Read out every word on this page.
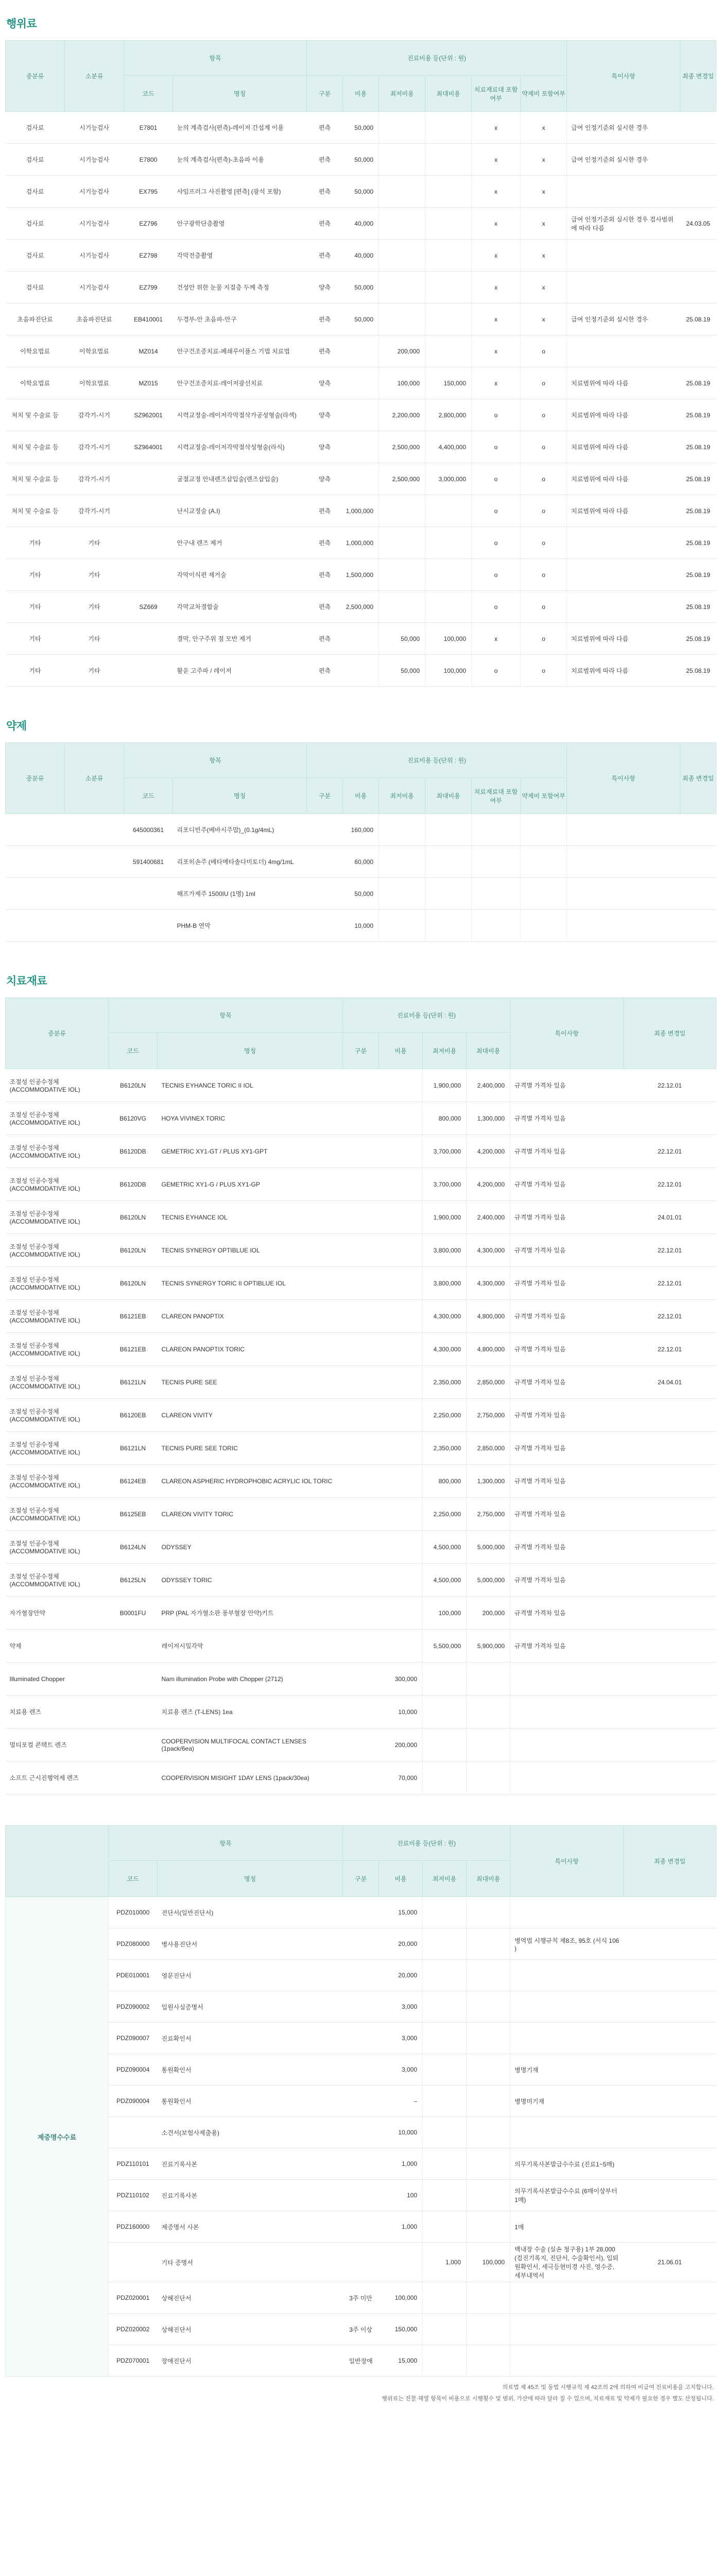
행위료
중분류	소분류	항목		진료비용 등(단위 : 원)						특이사항	최종 변경일
		코드	명칭	구분	비용	최저비용	최대비용	치료재료대 포함여부	약제비 포함여부		
검사료	시기능검사	E7801	눈의 계측검사(편측)-레이저 간섭계 이용	편측	50,000			x	x	급여 인정기준외 실시한 경우	
검사료	시기능검사	E7800	눈의 계측검사(편측)-초음파 이용	편측	50,000			x	x	급여 인정기준외 실시한 경우	
검사료	시기능검사	EX795	샤임프러그 사진촬영 [편측] (광석 포함)	편측	50,000			x	x		
검사료	시기능검사	EZ796	안구광학단층촬영	편측	40,000			x	x	급여 인정기준외 실시한 경우 검사범위에 따라 다름	24.03.05
검사료	시기능검사	EZ798	각막전층촬영	편측	40,000			x	x		
검사료	시기능검사	EZ799	건성안 위한 눈물 지질층 두께 측정	양측	50,000			x	x		
초음파진단료	초음파진단료	EB410001	두경부-안 초음파-안구	편측	50,000			x	x	급여 인정기준외 실시한 경우	25.08.19
이학요법료	이학요법료	MZ014	안구건조증치료-폐쇄루이플스 기법 치료법	편측		200,000		x	o		
이학요법료	이학요법료	MZ015	안구건조증치료-레이저광선치료	양측		100,000	150,000	x	o	치료범위에 따라 다름	25.08.19
처치 및 수술료 등	감각기-시기	SZ962001	시력교정술-레이저각막절삭가공성형술(라섹)	양측		2,200,000	2,800,000	o	o	치료범위에 따라 다름	25.08.19
처치 및 수술료 등	감각기-시기	SZ964001	시력교정술-레이저각막절삭성형술(라식)	양측		2,500,000	4,400,000	o	o	치료범위에 따라 다름	25.08.19
처치 및 수술료 등	감각기-시기		굴절교정 안내렌즈삽입술(렌즈삽입술)	양측		2,500,000	3,000,000	o	o	치료범위에 따라 다름	25.08.19
처치 및 수술료 등	감각기-시기		난시교정술 (A.I)	편측	1,000,000			o	o	치료범위에 따라 다름	25.08.19
기타	기타		안구내 렌즈 제거	편측	1,000,000			o	o		25.08.19
기타	기타		각막이식편 제거술	편측	1,500,000			o	o		25.08.19
기타	기타	SZ669	각막교차결합술	편측	2,500,000			o	o		25.08.19
기타	기타		결막, 안구주위 점 모반 제거	편측		50,000	100,000	x	o	치료범위에 따라 다름	25.08.19
기타	기타		활운 고주파 / 레이저	편측		50,000	100,000	o	o	치료범위에 따라 다름	25.08.19
약제
중분류	소분류	항목		진료비용 등(단위 : 원)						특이사항	최종 변경일
		코드	명칭	구분	비용	최저비용	최대비용	치료재료대 포함여부	약제비 포함여부		
		645000361	리포디빈주(베바시주맙)_(0.1g/4mL)		160,000						
		591400681	리포히손주 (베타메타솔다미토더) 4mg/1mL		60,000						
			해프가제주 1500IU (1명) 1ml		50,000						
			PHM-B 연막		10,000						
치료재료
중분류	항목		진료비용 등(단위 : 원)				특이사항	최종 변경일
	코드	명칭	구분	비용	최저비용	최대비용		
조절성 인공수정체 (ACCOMMODATIVE IOL)	B6120LN	TECNIS EYHANCE TORIC II IOL			1,900,000	2,400,000	규격별 가격차 있음	22.12.01
조절성 인공수정체 (ACCOMMODATIVE IOL)	B6120VG	HOYA VIVINEX TORIC			800,000	1,300,000	규격별 가격차 있음	
조절성 인공수정체 (ACCOMMODATIVE IOL)	B6120DB	GEMETRIC XY1-GT / PLUS XY1-GPT			3,700,000	4,200,000	규격별 가격차 있음	22.12.01
조절성 인공수정체 (ACCOMMODATIVE IOL)	B6120DB	GEMETRIC XY1-G / PLUS XY1-GP			3,700,000	4,200,000	규격별 가격차 있음	22.12.01
조절성 인공수정체 (ACCOMMODATIVE IOL)	B6120LN	TECNIS EYHANCE IOL			1,900,000	2,400,000	규격별 가격차 있음	24.01.01
조절성 인공수정체 (ACCOMMODATIVE IOL)	B6120LN	TECNIS SYNERGY OPTIBLUE IOL			3,800,000	4,300,000	규격별 가격차 있음	22.12.01
조절성 인공수정체 (ACCOMMODATIVE IOL)	B6120LN	TECNIS SYNERGY TORIC II OPTIBLUE IOL			3,800,000	4,300,000	규격별 가격차 있음	22.12.01
조절성 인공수정체 (ACCOMMODATIVE IOL)	B6121EB	CLAREON PANOPTIX			4,300,000	4,800,000	규격별 가격차 있음	22.12.01
조절성 인공수정체 (ACCOMMODATIVE IOL)	B6121EB	CLAREON PANOPTIX TORIC			4,300,000	4,800,000	규격별 가격차 있음	22.12.01
조절성 인공수정체 (ACCOMMODATIVE IOL)	B6121LN	TECNIS PURE SEE			2,350,000	2,850,000	규격별 가격차 있음	24.04.01
조절성 인공수정체 (ACCOMMODATIVE IOL)	B6120EB	CLAREON VIVITY			2,250,000	2,750,000	규격별 가격차 있음	
조절성 인공수정체 (ACCOMMODATIVE IOL)	B6121LN	TECNIS PURE SEE TORIC			2,350,000	2,850,000	규격별 가격차 있음	
조절성 인공수정체 (ACCOMMODATIVE IOL)	B6124EB	CLAREON ASPHERIC HYDROPHOBIC ACRYLIC IOL TORIC			800,000	1,300,000	규격별 가격차 있음	
조절성 인공수정체 (ACCOMMODATIVE IOL)	B6125EB	CLAREON VIVITY TORIC			2,250,000	2,750,000	규격별 가격차 있음	
조절성 인공수정체 (ACCOMMODATIVE IOL)	B6124LN	ODYSSEY			4,500,000	5,000,000	규격별 가격차 있음	
조절성 인공수정체 (ACCOMMODATIVE IOL)	B6125LN	ODYSSEY TORIC			4,500,000	5,000,000	규격별 가격차 있음	
자가혈장안약	B0001FU	PRP (PAL 자가혈소판 풍부혈장 안약)키트			100,000	200,000	규격별 가격차 있음	
약제		레이저시밀각막			5,500,000	5,900,000	규격별 가격차 있음	
Illuminated Chopper		Nam illumination Probe with Chopper (2712)		300,000				
치료용 렌즈		치료용 렌즈 (T-LENS) 1ea		10,000				
멀티포컬 콘택트 렌즈		COOPERVISION MULTIFOCAL CONTACT LENSES (1pack/6ea)		200,000				
소프트 근시진행억제 렌즈		COOPERVISION MISIGHT 1DAY LENS (1pack/30ea)		70,000				
	항목		진료비용 등(단위 : 원)				특이사항	최종 변경일
	코드	명칭	구분	비용	최저비용	최대비용		
제증명수수료	PDZ010000	전단서(일반진단서)		15,000				
	PDZ080000	병사용진단서		20,000			병역법 시행규칙 제8조, 95호 (서식 106 )	
	PDE010001	영문진단서		20,000				
	PDZ090002	입원사실증명서		3,000				
	PDZ090007	진료확인서		3,000				
	PDZ090004	통원확인서		3,000			병명기재	
	PDZ090004	통원확인서		–			병명미기재	
		소견서(보험사제출용)		10,000				
	PDZ110101	진료기록사본		1,000			의무기록사본발급수수료 (진료1~5매)	
	PDZ110102	진료기록사본		100			의무기록사본발급수수료 (6매이상부터 1매)	
	PDZ160000	제증명서 사본		1,000			1매	
		기타 증명서			1,000	100,000	백내장 수술 (실손 청구용) 1부 28,000 (검진기록지, 진단서, 수술확인서), 입퇴원확인서, 세극등현미경 사진, 영수증, 세부내역서	21.06.01
	PDZ020001	상해진단서	3주 미만	100,000				
	PDZ020002	상해진단서	3주 이상	150,000				
	PDZ070001	장애진단서	일반장애	15,000				
의료법 제 45조 및 동법 시행규칙 제 42조의 2에 의하여 비급여 진료비용을 고지합니다.
행위료는 진찰·해열 항목이 비용으로 시행횟수 및 범위, 가산에 따라 달라 질 수 있으며, 치료재료 및 약제가 필요한 경우 별도 산정됩니다.
